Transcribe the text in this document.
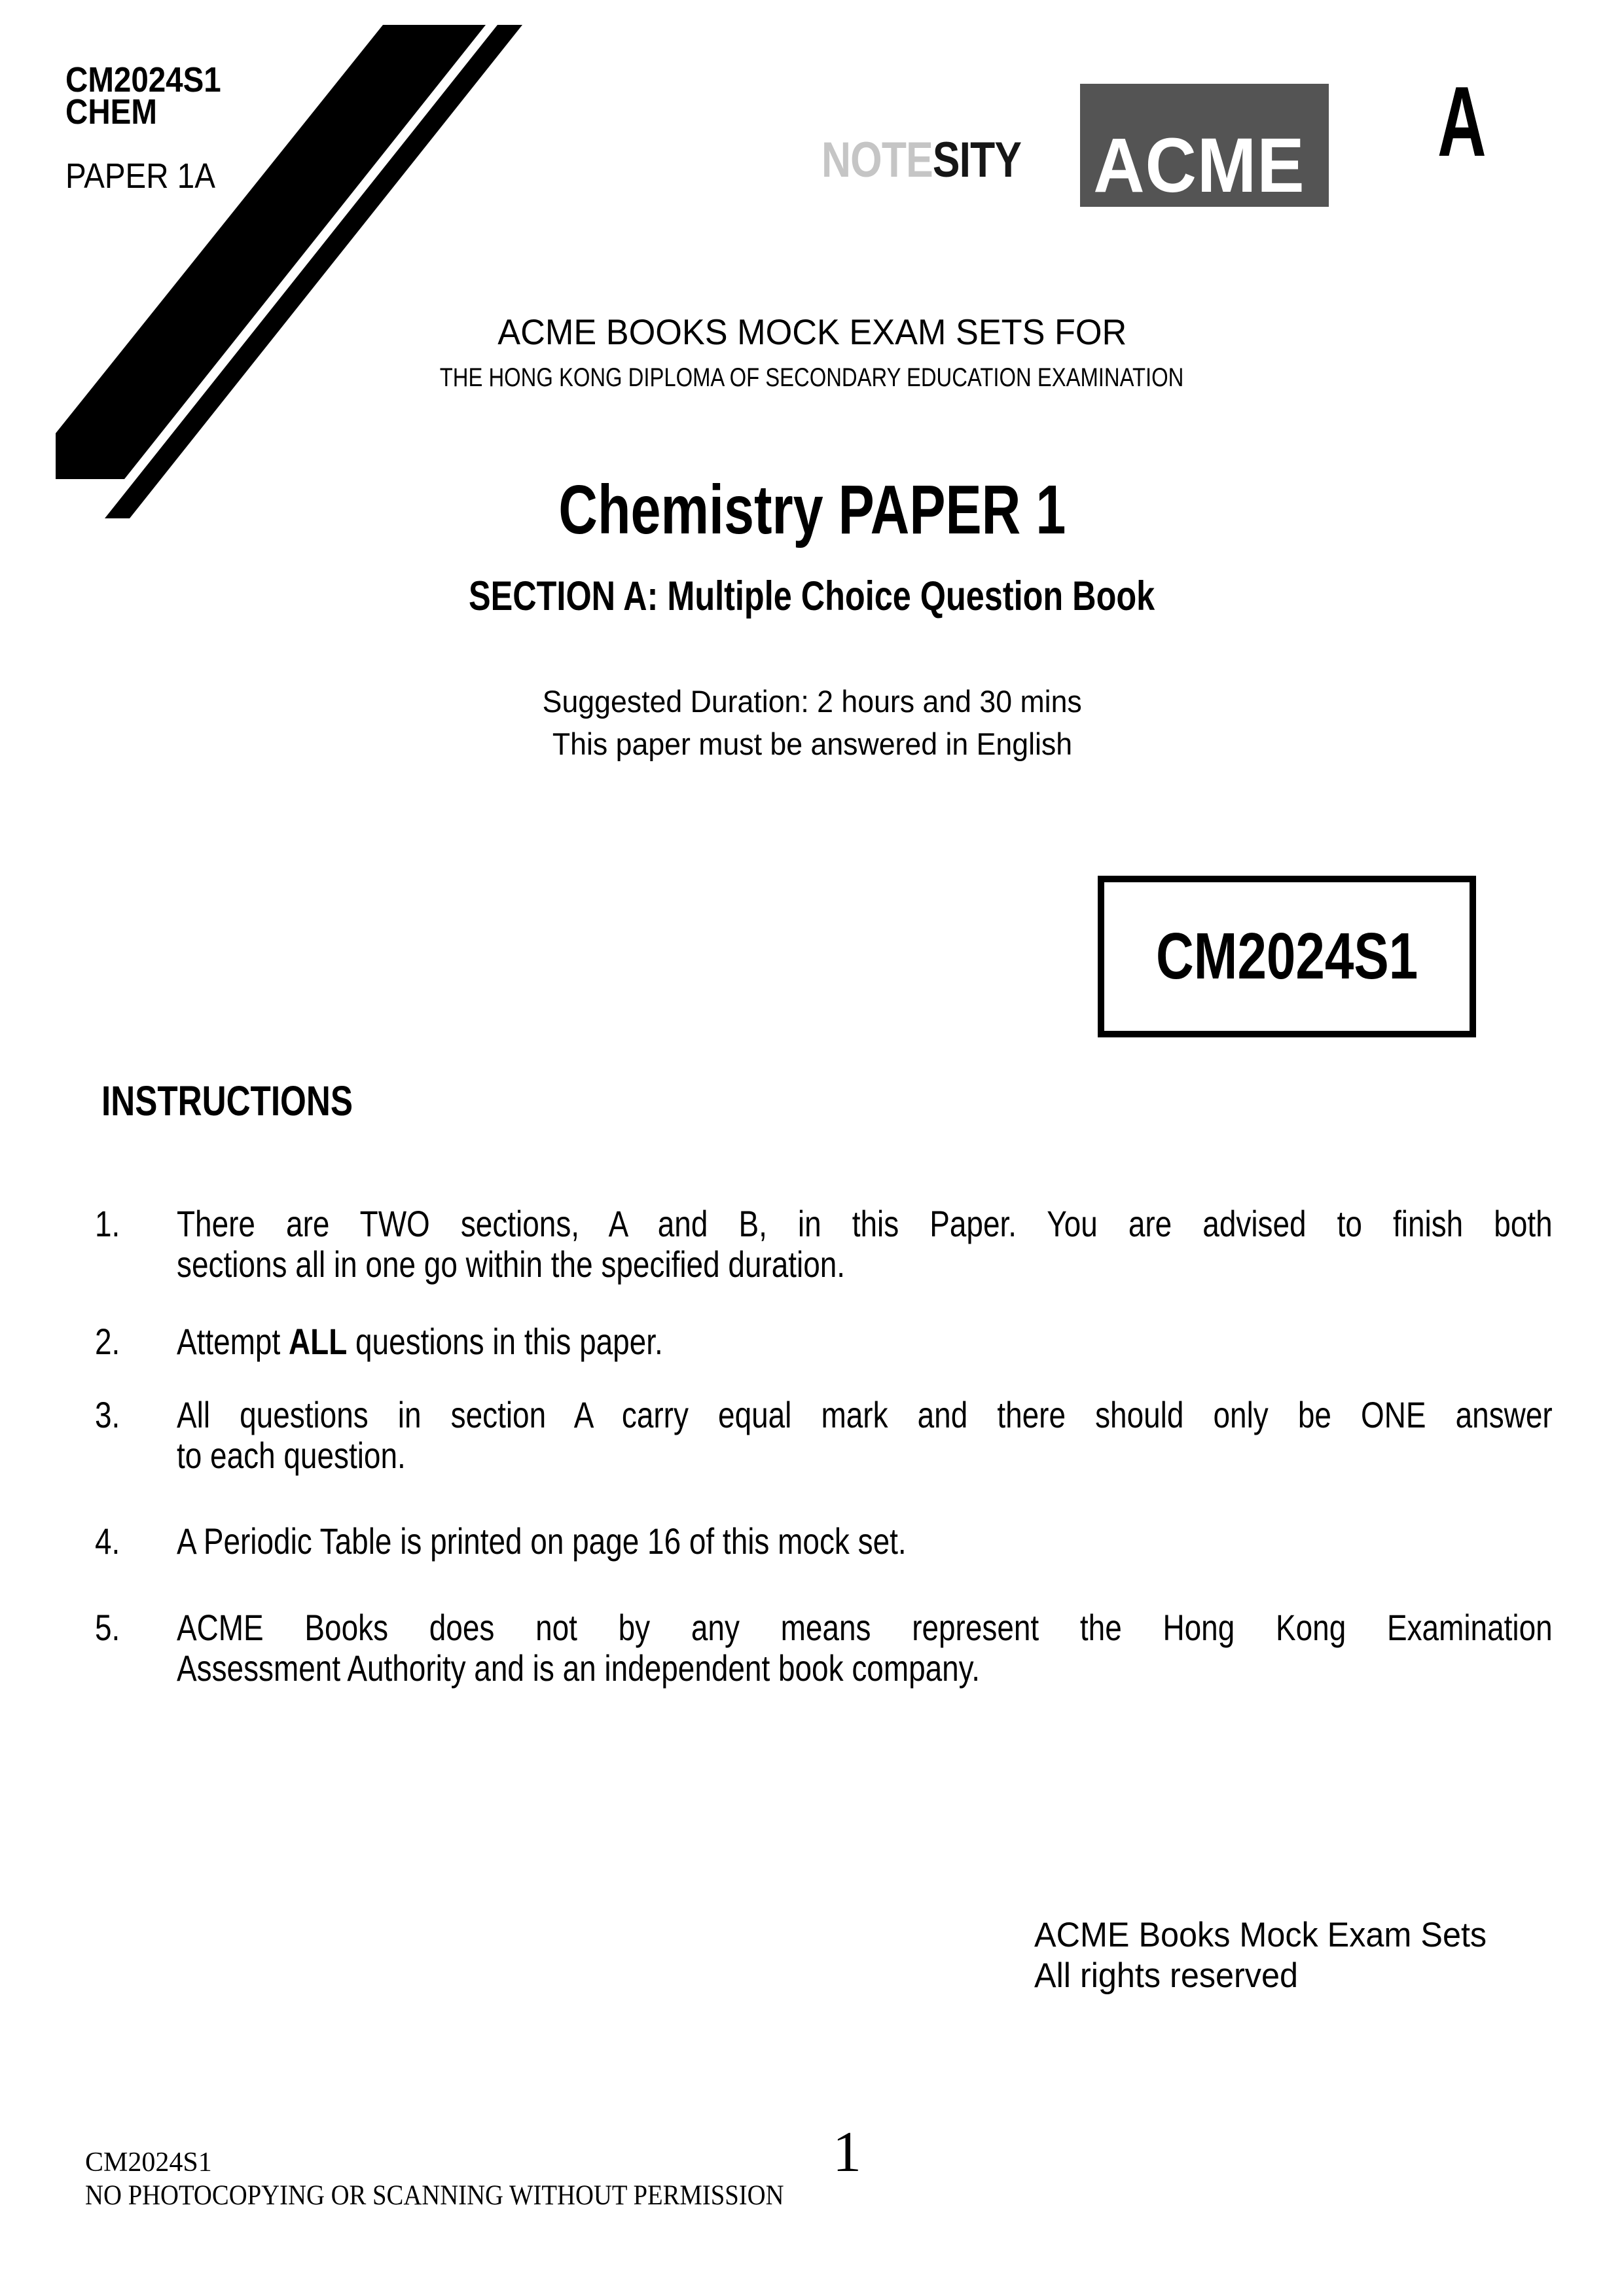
CM2024S1
CHEM
PAPER 1A	NOTESITY ACME A
ACME BOOKS MOCK EXAM SETS FOR
THE HONG KONG DIPLOMA OF SECONDARY EDUCATION EXAMINATION
Chemistry PAPER 1
SECTION A: Multiple Choice Question Book
Suggested Duration: 2 hours and 30 mins
This paper must be answered in English
CM2024S1
INSTRUCTIONS
1. There are TWO sections, A and B, in this Paper. You are advised to finish both
sections all in one go within the specified duration.
2. Attempt ALL questions in this paper.
3. All questions in section A carry equal mark and there should only be ONE answer
to each question.
4. A Periodic Table is printed on page 16 of this mock set.
5. ACME Books does not by any means represent the Hong Kong Examination
Assessment Authority and is an independent book company.
ACME Books Mock Exam Sets
All rights reserved
CM2024S1	1
NO PHOTOCOPYING OR SCANNING WITHOUT PERMISSION
